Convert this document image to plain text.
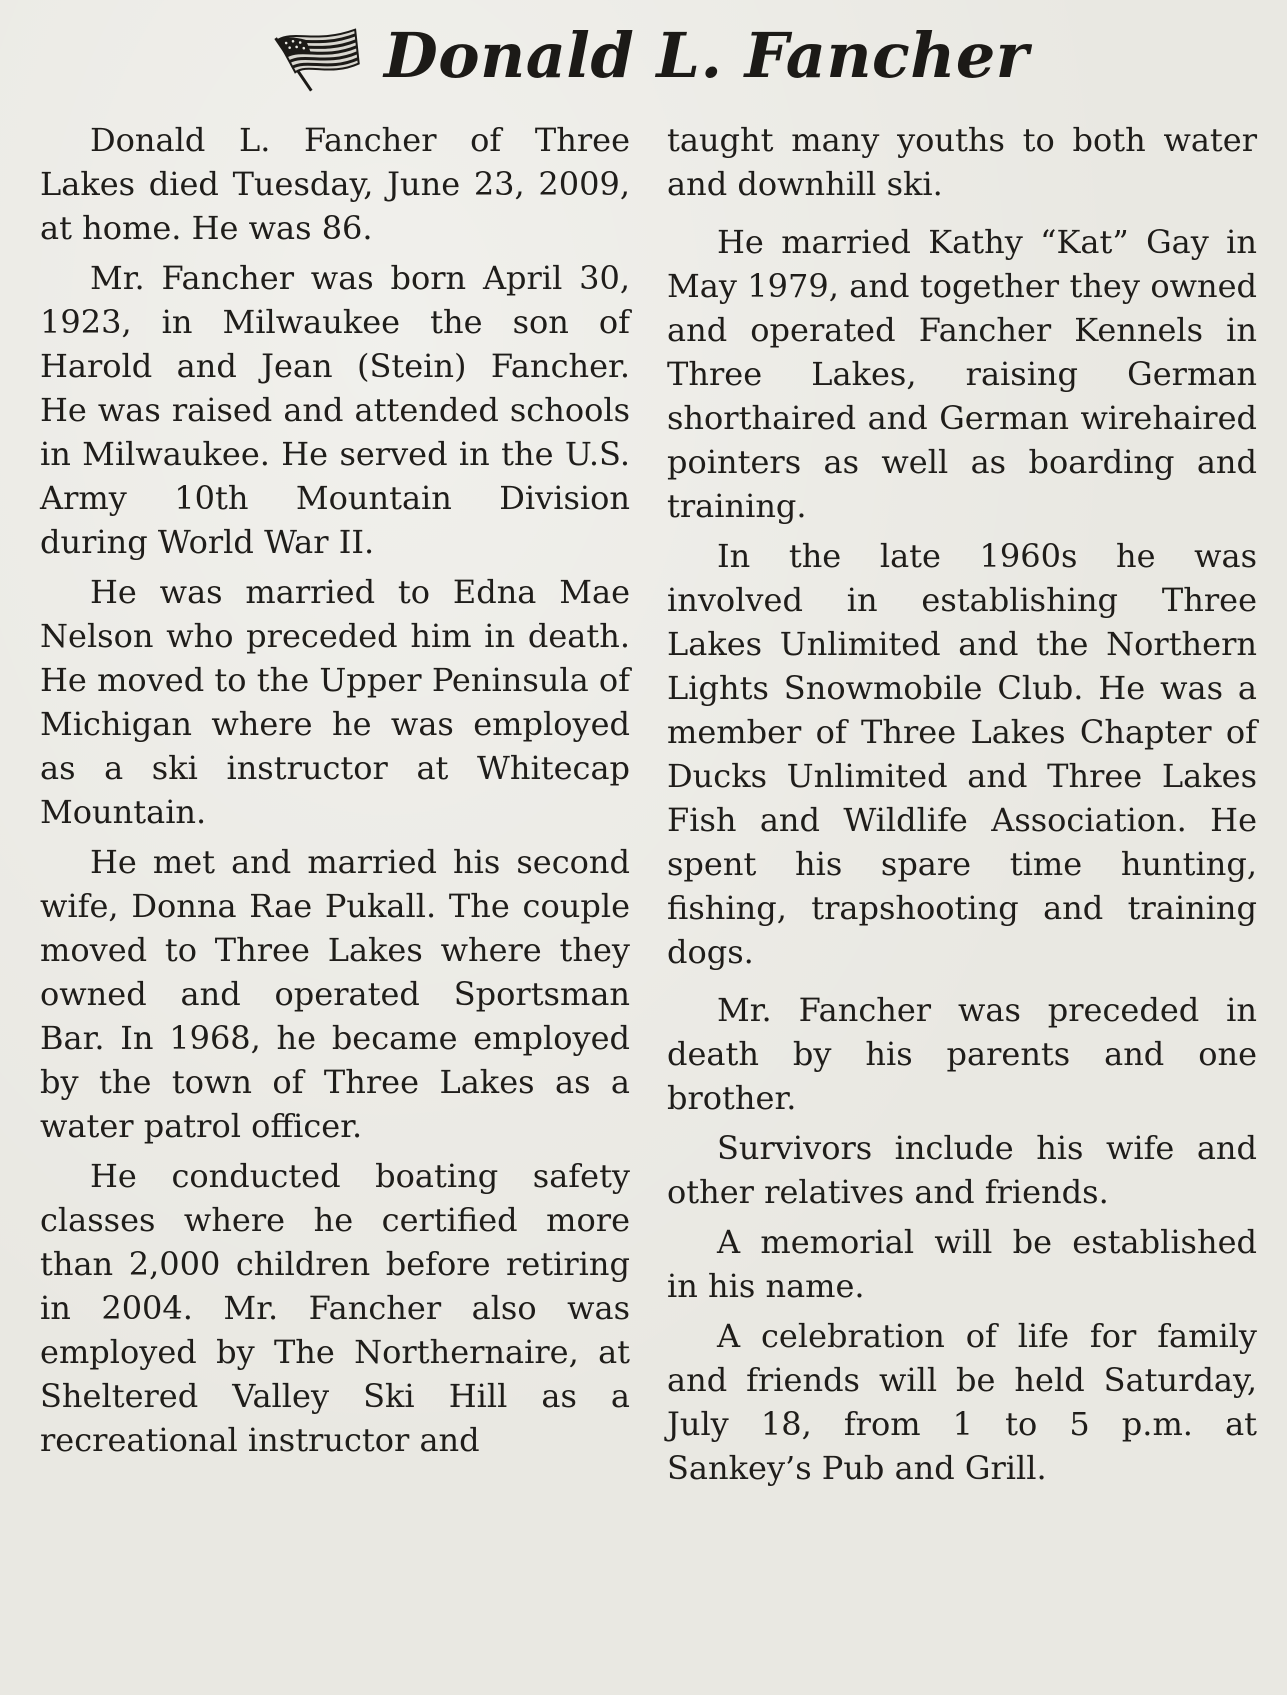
Donald L. Fancher

Donald L. Fancher of Three Lakes died Tuesday, June 23, 2009, at home. He was 86.

Mr. Fancher was born April 30, 1923, in Milwaukee the son of Harold and Jean (Stein) Fancher. He was raised and attended schools in Milwaukee. He served in the U.S. Army 10th Mountain Division during World War II.

He was married to Edna Mae Nelson who preceded him in death. He moved to the Upper Peninsula of Michigan where he was employed as a ski instructor at Whitecap Mountain.

He met and married his second wife, Donna Rae Pukall. The couple moved to Three Lakes where they owned and operated Sportsman Bar. In 1968, he became employed by the town of Three Lakes as a water patrol officer.

He conducted boating safety classes where he certified more than 2,000 children before retiring in 2004. Mr. Fancher also was employed by The Northernaire, at Sheltered Valley Ski Hill as a recreational instructor and

taught many youths to both water and downhill ski.

He married Kathy “Kat” Gay in May 1979, and together they owned and operated Fancher Kennels in Three Lakes, raising German shorthaired and German wirehaired pointers as well as boarding and training.

In the late 1960s he was involved in establishing Three Lakes Unlimited and the Northern Lights Snowmobile Club. He was a member of Three Lakes Chapter of Ducks Unlimited and Three Lakes Fish and Wildlife Association. He spent his spare time hunting, fishing, trapshooting and training dogs.

Mr. Fancher was preceded in death by his parents and one brother.

Survivors include his wife and other relatives and friends.

A memorial will be established in his name.

A celebration of life for family and friends will be held Saturday, July 18, from 1 to 5 p.m. at Sankey’s Pub and Grill.
